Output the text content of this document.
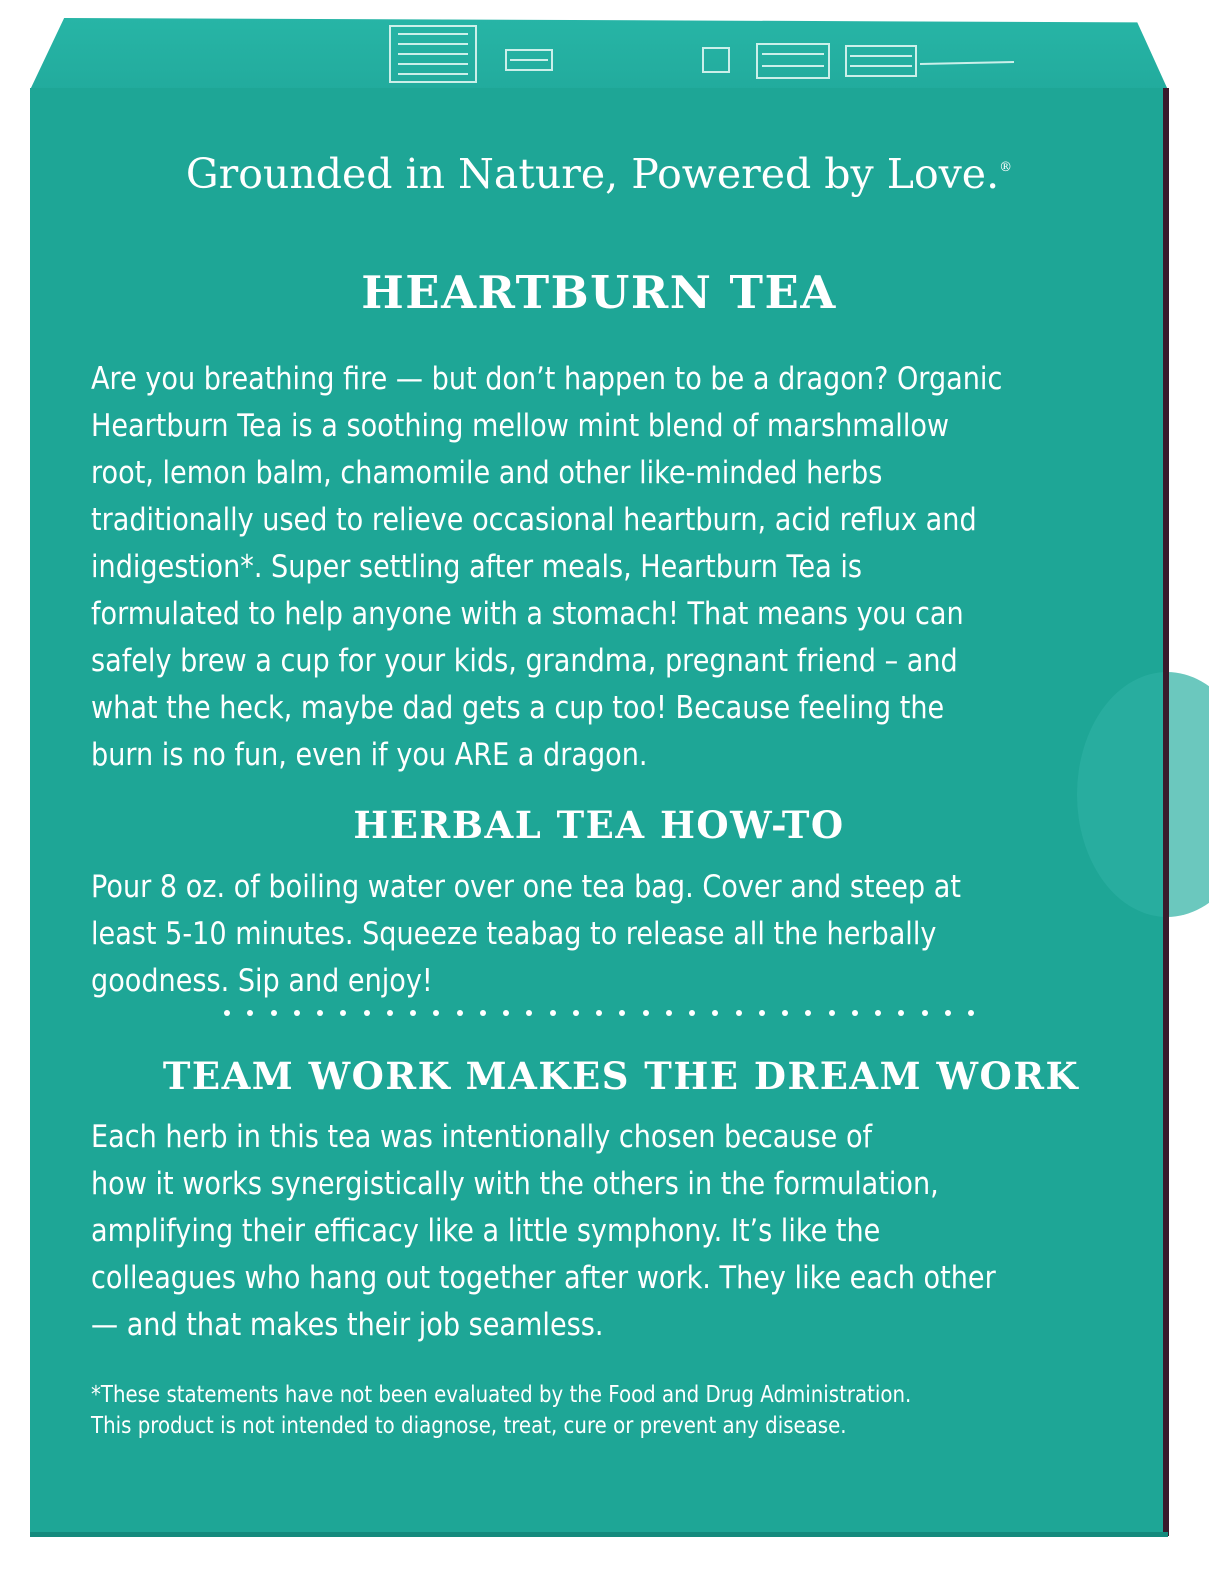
Grounded in Nature, Powered by Love.®
HEARTBURN TEA
Are you breathing fire — but don’t happen to be a dragon? Organic
Heartburn Tea is a soothing mellow mint blend of marshmallow
root, lemon balm, chamomile and other like-minded herbs
traditionally used to relieve occasional heartburn, acid reflux and
indigestion*. Super settling after meals, Heartburn Tea is
formulated to help anyone with a stomach! That means you can
safely brew a cup for your kids, grandma, pregnant friend – and
what the heck, maybe dad gets a cup too! Because feeling the
burn is no fun, even if you ARE a dragon.
HERBAL TEA HOW-TO
Pour 8 oz. of boiling water over one tea bag. Cover and steep at
least 5-10 minutes. Squeeze teabag to release all the herbally
goodness. Sip and enjoy!
TEAM WORK MAKES THE DREAM WORK
Each herb in this tea was intentionally chosen because of
how it works synergistically with the others in the formulation,
amplifying their efficacy like a little symphony. It’s like the
colleagues who hang out together after work. They like each other
— and that makes their job seamless.
*These statements have not been evaluated by the Food and Drug Administration.
This product is not intended to diagnose, treat, cure or prevent any disease.
